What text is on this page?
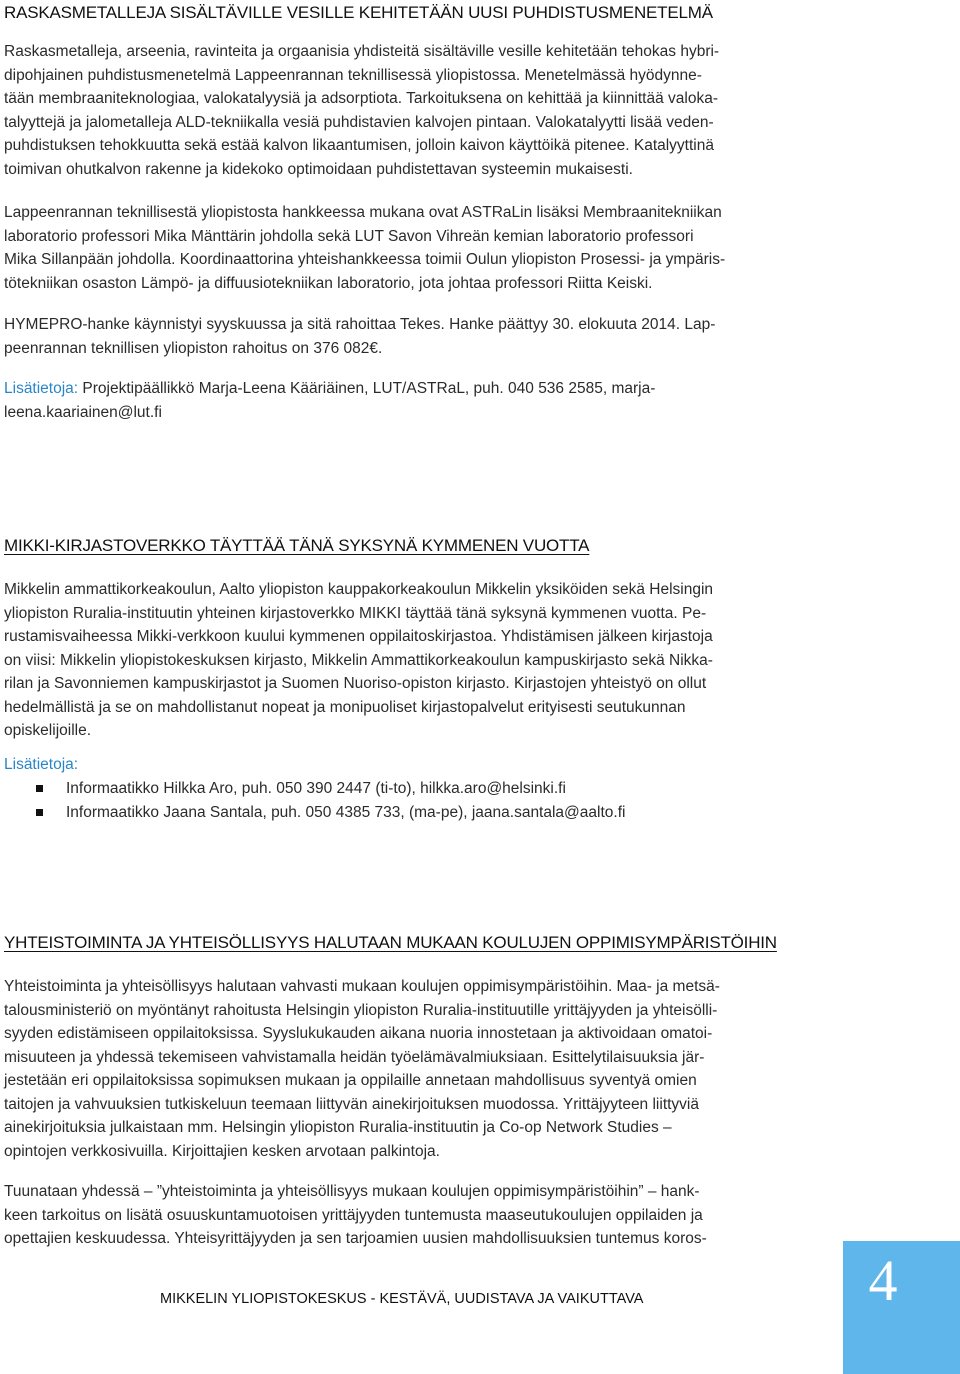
RASKASMETALLEJA SISÄLTÄVILLE VESILLE KEHITETÄÄN UUSI PUHDISTUSMENETELMÄ
Raskasmetalleja, arseenia, ravinteita ja orgaanisia yhdisteitä sisältäville vesille kehitetään tehokas hybri-
dipohjainen puhdistusmenetelmä Lappeenrannan teknillisessä yliopistossa. Menetelmässä hyödynne-
tään membraaniteknologiaa, valokatalyysiä ja adsorptiota. Tarkoituksena on kehittää ja kiinnittää valoka-
talyyttejä ja jalometalleja ALD-tekniikalla vesiä puhdistavien kalvojen pintaan. Valokatalyytti lisää veden-
puhdistuksen tehokkuutta sekä estää kalvon likaantumisen, jolloin kaivon käyttöikä pitenee. Katalyyttinä
toimivan ohutkalvon rakenne ja kidekoko optimoidaan puhdistettavan systeemin mukaisesti.
Lappeenrannan teknillisestä yliopistosta hankkeessa mukana ovat ASTRaLin lisäksi Membraanitekniikan
laboratorio professori Mika Mänttärin johdolla sekä LUT Savon Vihreän kemian laboratorio professori
Mika Sillanpään johdolla. Koordinaattorina yhteishankkeessa toimii Oulun yliopiston Prosessi- ja ympäris-
tötekniikan osaston Lämpö- ja diffuusiotekniikan laboratorio, jota johtaa professori Riitta Keiski.
HYMEPRO-hanke käynnistyi syyskuussa ja sitä rahoittaa Tekes. Hanke päättyy 30. elokuuta 2014. Lap-
peenrannan teknillisen yliopiston rahoitus on 376 082€.
Lisätietoja: Projektipäällikkö Marja-Leena Kääriäinen, LUT/ASTRaL, puh. 040 536 2585, marja-
leena.kaariainen@lut.fi
MIKKI-KIRJASTOVERKKO TÄYTTÄÄ TÄNÄ SYKSYNÄ KYMMENEN VUOTTA
Mikkelin ammattikorkeakoulun, Aalto yliopiston kauppakorkeakoulun Mikkelin yksiköiden sekä Helsingin
yliopiston Ruralia-instituutin yhteinen kirjastoverkko MIKKI täyttää tänä syksynä kymmenen vuotta. Pe-
rustamisvaiheessa Mikki-verkkoon kuului kymmenen oppilaitoskirjastoa. Yhdistämisen jälkeen kirjastoja
on viisi: Mikkelin yliopistokeskuksen kirjasto, Mikkelin Ammattikorkeakoulun kampuskirjasto sekä Nikka-
rilan ja Savonniemen kampuskirjastot ja Suomen Nuoriso-opiston kirjasto. Kirjastojen yhteistyö on ollut
hedelmällistä ja se on mahdollistanut nopeat ja monipuoliset kirjastopalvelut erityisesti seutukunnan
opiskelijoille.
Lisätietoja:
Informaatikko Hilkka Aro, puh. 050 390 2447 (ti-to), hilkka.aro@helsinki.fi
Informaatikko Jaana Santala, puh. 050 4385 733, (ma-pe), jaana.santala@aalto.fi
YHTEISTOIMINTA JA YHTEISÖLLISYYS HALUTAAN MUKAAN KOULUJEN OPPIMISYMPÄRISTÖIHIN
Yhteistoiminta ja yhteisöllisyys halutaan vahvasti mukaan koulujen oppimisympäristöihin. Maa- ja metsä-
talousministeriö on myöntänyt rahoitusta Helsingin yliopiston Ruralia-instituutille yrittäjyyden ja yhteisölli-
syyden edistämiseen oppilaitoksissa. Syyslukukauden aikana nuoria innostetaan ja aktivoidaan omatoi-
misuuteen ja yhdessä tekemiseen vahvistamalla heidän työelämävalmiuksiaan. Esittelytilaisuuksia jär-
jestetään eri oppilaitoksissa sopimuksen mukaan ja oppilaille annetaan mahdollisuus syventyä omien
taitojen ja vahvuuksien tutkiskeluun teemaan liittyvän ainekirjoituksen muodossa. Yrittäjyyteen liittyviä
ainekirjoituksia julkaistaan mm. Helsingin yliopiston Ruralia-instituutin ja Co-op Network Studies –
opintojen verkkosivuilla. Kirjoittajien kesken arvotaan palkintoja.
Tuunataan yhdessä – ”yhteistoiminta ja yhteisöllisyys mukaan koulujen oppimisympäristöihin” – hank-
keen tarkoitus on lisätä osuuskuntamuotoisen yrittäjyyden tuntemusta maaseutukoulujen oppilaiden ja
opettajien keskuudessa. Yhteisyrittäjyyden ja sen tarjoamien uusien mahdollisuuksien tuntemus koros-
MIKKELIN YLIOPISTOKESKUS - KESTÄVÄ, UUDISTAVA JA VAIKUTTAVA	4
